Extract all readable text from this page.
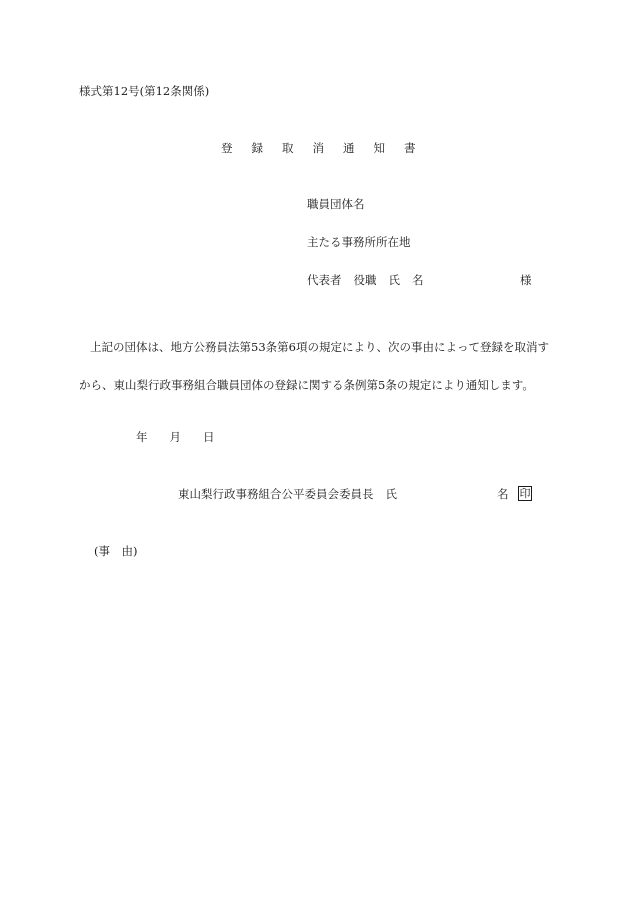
様式第12号(第12条関係)
登 録 取 消 通 知 書
職員団体名
主たる事務所所在地
代表者 役職 氏 名	様
上記の団体は、地方公務員法第53条第6項の規定により、次の事由によって登録を取消す
から、東山梨行政事務組合職員団体の登録に関する条例第5条の規定により通知します。
年 月 日
東山梨行政事務組合公平委員会委員長 氏	名 印
(事　由)
